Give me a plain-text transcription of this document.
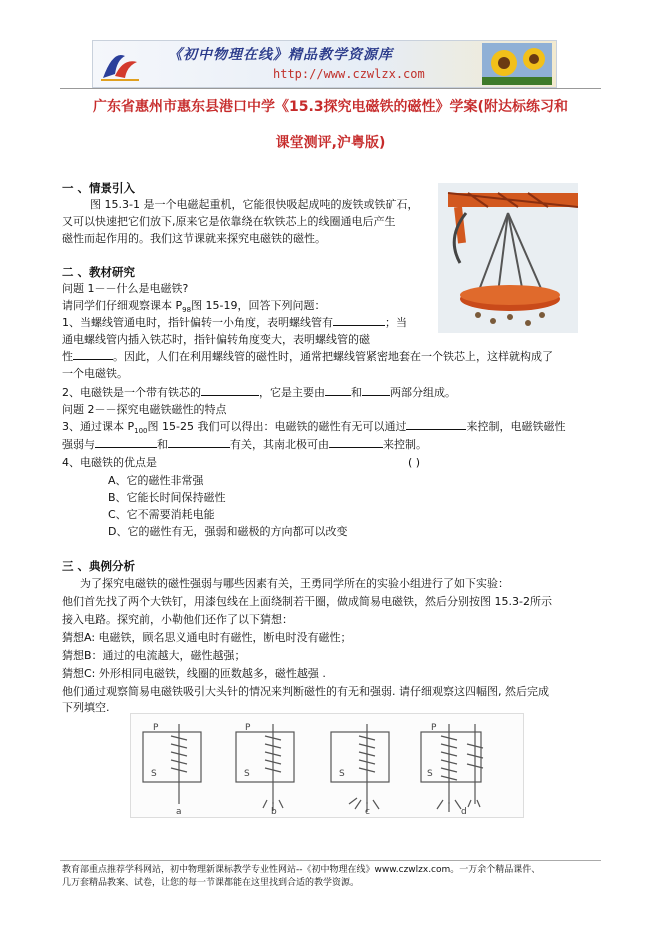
《初中物理在线》精品教学资源库
http://www.czwlzx.com
广东省惠州市惠东县港口中学《15.3探究电磁铁的磁性》学案(附达标练习和
课堂测评,沪粤版)
一 、情景引入
图 15.3-1 是一个电磁起重机，它能很快吸起成吨的废铁或铁矿石，
又可以快速把它们放下,原来它是依靠绕在软铁芯上的线圈通电后产生
磁性而起作用的。我们这节课就来探究电磁铁的磁性。
二 、教材研究
问题 1－－什么是电磁铁?
请同学们仔细观察课本 $P_{98}$图 15-19，回答下列问题：
1、当螺线管通电时，指针偏转一小角度，表明螺线管有	；当
通电螺线管内插入铁芯时，指针偏转角度变大，表明螺线管的磁
性	。因此，人们在利用螺线管的磁性时，通常把螺线管紧密地套在一个铁芯上，这样就构成了
一个电磁铁。
2、电磁铁是一个带有铁芯的	，它是主要由 和	两部分组成。
问题 2－－探究电磁铁磁性的特点
3、通过课本 $P_{100}$图 15-25 我们可以得出：电磁铁的磁性有无可以通过	来控制，电磁铁磁性
强弱与	和	有关，其南北极可由	来控制。
4、电磁铁的优点是	( )
A、它的磁性非常强
B、它能长时间保持磁性
C、它不需要消耗电能
D、它的磁性有无，强弱和磁极的方向都可以改变
三 、典例分析
为了探究电磁铁的磁性强弱与哪些因素有关，王勇同学所在的实验小组进行了如下实验：
他们首先找了两个大铁钉，用漆包线在上面绕制若干圈，做成简易电磁铁，然后分别按图 15.3-2所示
接入电路。探究前，小勒他们还作了以下猜想：
猜想A: 电磁铁，顾名思义通电时有磁性，断电时没有磁性；
猜想B：通过的电流越大，磁性越强；
猜想C: 外形相同电磁铁，线圈的匝数越多，磁性越强 .
他们通过观察简易电磁铁吸引大头针的情况来判断磁性的有无和强弱. 请仔细观察这四幅图, 然后完成
下列填空.
a	b	c	d
S	S	S	S
P	P	P
教育部重点推荐学科网站，初中物理新课标教学专业性网站--《初中物理在线》www.czwlzx.com。一万余个精品课件、
几万套精品教案、试卷，让您的每一节课都能在这里找到合适的教学资源。
